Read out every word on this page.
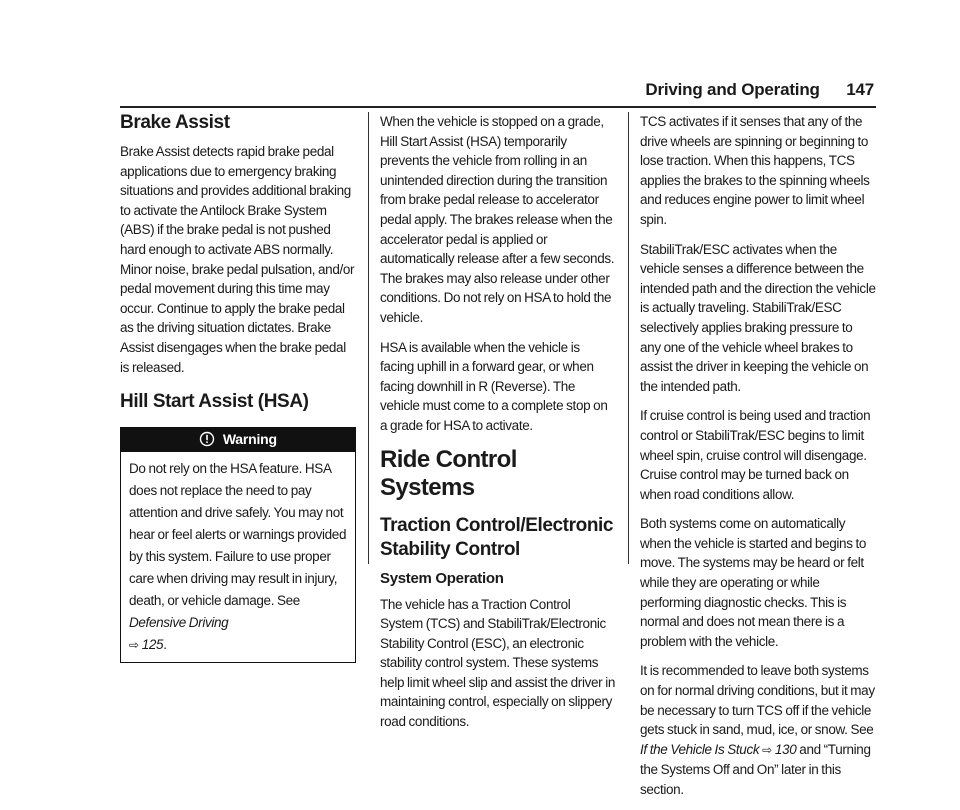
Driving and Operating 147
Brake Assist

Brake Assist detects rapid brake pedal applications due to emergency braking situations and provides additional braking to activate the Antilock Brake System (ABS) if the brake pedal is not pushed hard enough to activate ABS normally. Minor noise, brake pedal pulsation, and/or pedal movement during this time may occur. Continue to apply the brake pedal as the driving situation dictates. Brake Assist disengages when the brake pedal is released.

Hill Start Assist (HSA)
Warning
Do not rely on the HSA feature. HSA does not replace the need to pay attention and drive safely. You may not hear or feel alerts or warnings provided by this system. Failure to use proper care when driving may result in injury, death, or vehicle damage. See Defensive Driving
⇨ 125.

When the vehicle is stopped on a grade, Hill Start Assist (HSA) temporarily prevents the vehicle from rolling in an unintended direction during the transition from brake pedal release to accelerator pedal apply. The brakes release when the accelerator pedal is applied or automatically release after a few seconds. The brakes may also release under other conditions. Do not rely on HSA to hold the vehicle.

HSA is available when the vehicle is facing uphill in a forward gear, or when facing downhill in R (Reverse). The vehicle must come to a complete stop on a grade for HSA to activate.

Ride Control Systems
Traction Control/Electronic Stability Control
System Operation

The vehicle has a Traction Control System (TCS) and StabiliTrak/Electronic Stability Control (ESC), an electronic stability control system. These systems help limit wheel slip and assist the driver in maintaining control, especially on slippery road conditions.

TCS activates if it senses that any of the drive wheels are spinning or beginning to lose traction. When this happens, TCS applies the brakes to the spinning wheels and reduces engine power to limit wheel spin.

StabiliTrak/ESC activates when the vehicle senses a difference between the intended path and the direction the vehicle is actually traveling. StabiliTrak/ESC selectively applies braking pressure to any one of the vehicle wheel brakes to assist the driver in keeping the vehicle on the intended path.

If cruise control is being used and traction control or StabiliTrak/ESC begins to limit wheel spin, cruise control will disengage. Cruise control may be turned back on when road conditions allow.

Both systems come on automatically when the vehicle is started and begins to move. The systems may be heard or felt while they are operating or while performing diagnostic checks. This is normal and does not mean there is a problem with the vehicle.

It is recommended to leave both systems on for normal driving conditions, but it may be necessary to turn TCS off if the vehicle gets stuck in sand, mud, ice, or snow. See If the Vehicle Is Stuck ⇨ 130 and “Turning the Systems Off and On” later in this section.
